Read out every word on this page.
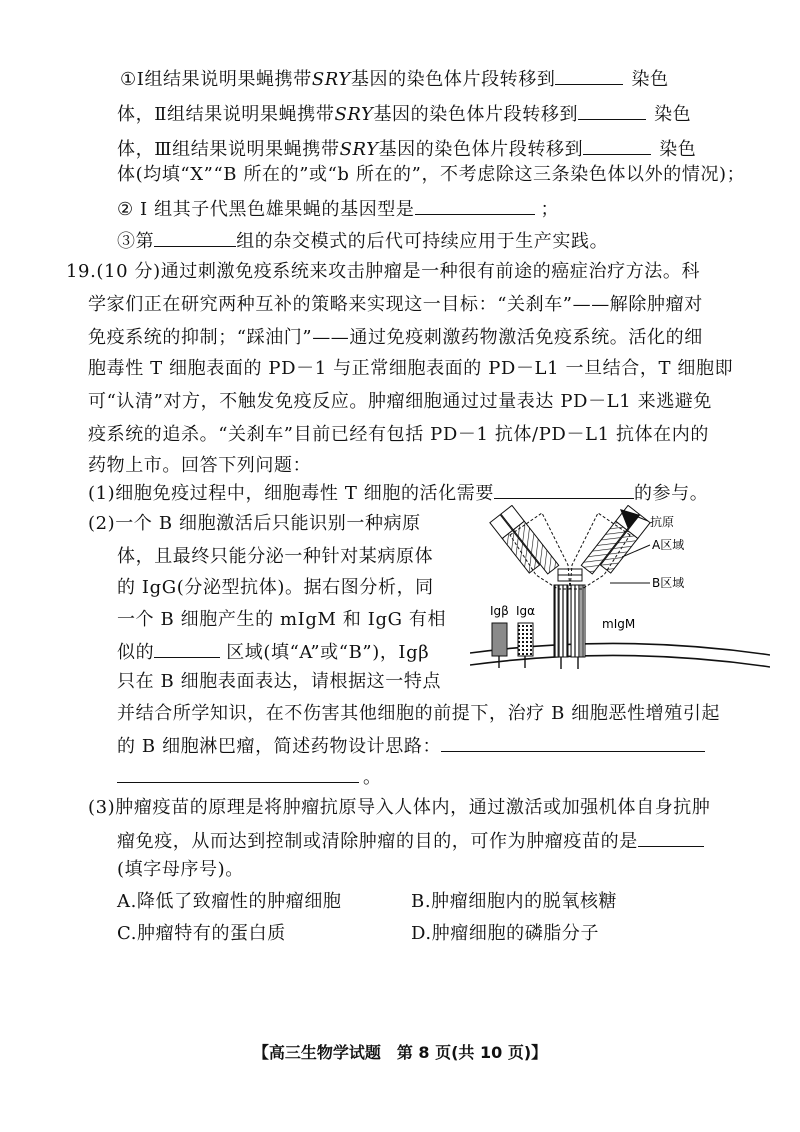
①Ⅰ组结果说明果蝇携带SRY基因的染色体片段转移到	染色
体，Ⅱ组结果说明果蝇携带SRY基因的染色体片段转移到	染色
体，Ⅲ组结果说明果蝇携带SRY基因的染色体片段转移到	染色
体(均填“X”“B 所在的”或“b 所在的”，不考虑除这三条染色体以外的情况)；
② Ⅰ 组其子代黑色雄果蝇的基因型是	；
③第	组的杂交模式的后代可持续应用于生产实践。
19.(10 分)通过刺激免疫系统来攻击肿瘤是一种很有前途的癌症治疗方法。科
学家们正在研究两种互补的策略来实现这一目标：“关刹车”——解除肿瘤对
免疫系统的抑制；“踩油门”——通过免疫刺激药物激活免疫系统。活化的细
胞毒性 T 细胞表面的 PD－1 与正常细胞表面的 PD－L1 一旦结合，T 细胞即
可“认清”对方，不触发免疫反应。肿瘤细胞通过过量表达 PD－L1 来逃避免
疫系统的追杀。“关刹车”目前已经有包括 PD－1 抗体/PD－L1 抗体在内的
药物上市。回答下列问题：
(1)细胞免疫过程中，细胞毒性 T 细胞的活化需要	的参与。
(2)一个 B 细胞激活后只能识别一种病原
体，且最终只能分泌一种针对某病原体
的 IgG(分泌型抗体)。据右图分析，同
一个 B 细胞产生的 mIgM 和 IgG 有相
似的	区域(填“A”或“B”)，Igβ
只在 B 细胞表面表达，请根据这一特点
并结合所学知识，在不伤害其他细胞的前提下，治疗 B 细胞恶性增殖引起
的 B 细胞淋巴瘤，简述药物设计思路：
。
(3)肿瘤疫苗的原理是将肿瘤抗原导入人体内，通过激活或加强机体自身抗肿
瘤免疫，从而达到控制或清除肿瘤的目的，可作为肿瘤疫苗的是
(填字母序号)。
A.降低了致瘤性的肿瘤细胞	B.肿瘤细胞内的脱氧核糖
C.肿瘤特有的蛋白质	D.肿瘤细胞的磷脂分子
Igβ Igα
抗原
A区域
B区域
mIgM
【高三生物学试题　第 8 页(共 10 页)】
